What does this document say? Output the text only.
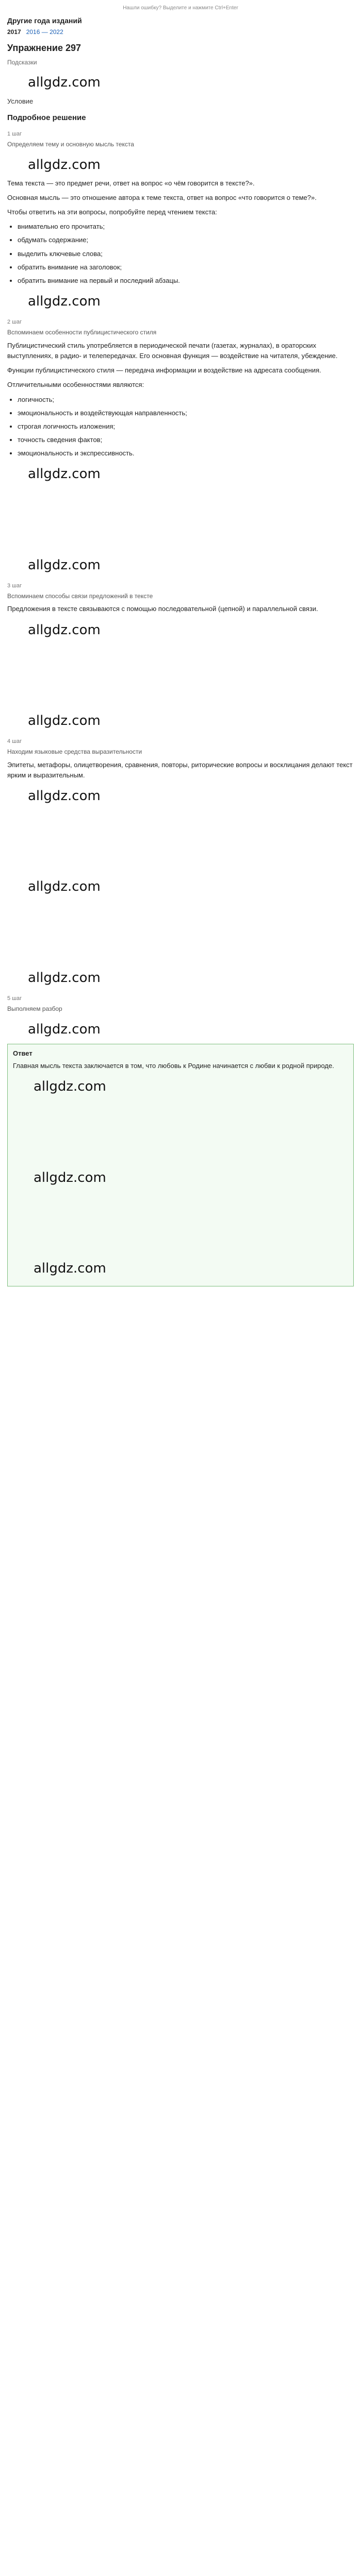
Нашли ошибку? Выделите и нажмите Ctrl+Enter
Другие года изданий
2017 2016 — 2022
Упражнение 297
Подсказки
allgdz.com
Условие
Подробное решение
1 шаг
Определяем тему и основную мысль текста
allgdz.com

Тема текста — это предмет речи, ответ на вопрос «о чём говорится в тексте?».

Основная мысль — это отношение автора к теме текста, ответ на вопрос «что говорится о теме?».

Чтобы ответить на эти вопросы, попробуйте перед чтением текста:

• внимательно его прочитать;
• обдумать содержание;
• выделить ключевые слова;
• обратить внимание на заголовок;
• обратить внимание на первый и последний абзацы.
allgdz.com
2 шаг
Вспоминаем особенности публицистического стиля

Публицистический стиль употребляется в периодической печати (газетах, журналах), в ораторских выступлениях, в радио- и телепередачах. Его основная функция — воздействие на читателя, убеждение.

Функции публицистического стиля — передача информации и воздействие на адресата сообщения.

Отличительными особенностями являются:

• логичность;
• эмоциональность и воздействующая направленность;
• строгая логичность изложения;
• точность сведения фактов;
• эмоциональность и экспрессивность.
allgdz.com
allgdz.com
3 шаг
Вспоминаем способы связи предложений в тексте

Предложения в тексте связываются с помощью последовательной (цепной) и параллельной связи.

allgdz.com
allgdz.com
4 шаг
Находим языковые средства выразительности

Эпитеты, метафоры, олицетворения, сравнения, повторы, риторические вопросы и восклицания делают текст ярким и выразительным.

allgdz.com
allgdz.com
allgdz.com
5 шаг
Выполняем разбор
allgdz.com
Ответ
Главная мысль текста заключается в том, что любовь к Родине начинается с любви к родной природе.
allgdz.com
allgdz.com
allgdz.com
